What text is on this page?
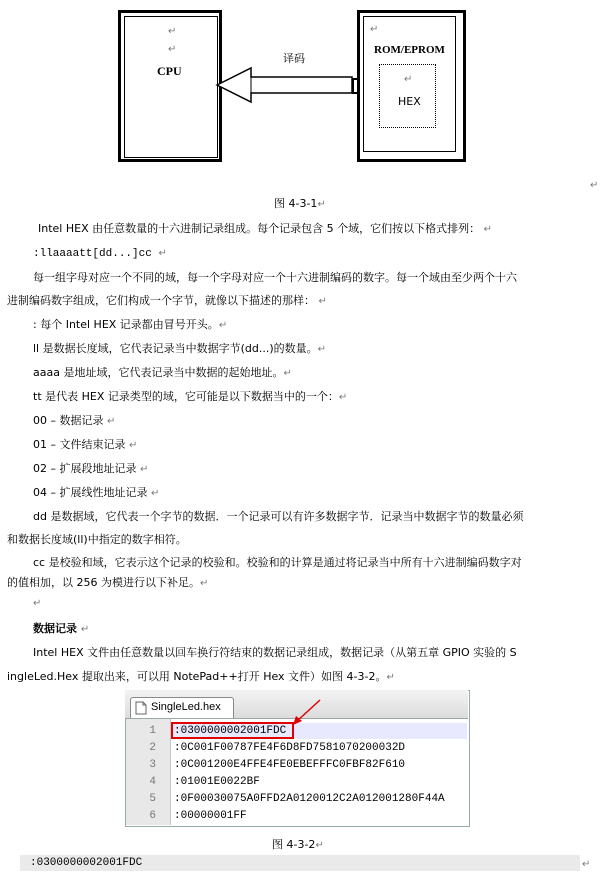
↵
↵
CPU
译码
↵
ROM/EPROM
↵
HEX
图 4-3-1↵
↵
Intel HEX 由任意数量的十六进制记录组成。每个记录包含 5 个域，它们按以下格式排列： ↵
:llaaaatt[dd...]cc ↵
每一组字母对应一个不同的域，每一个字母对应一个十六进制编码的数字。每一个域由至少两个十六
进制编码数字组成，它们构成一个字节，就像以下描述的那样： ↵
: 每个 Intel HEX 记录都由冒号开头。↵
ll 是数据长度域，它代表记录当中数据字节(dd...)的数量。↵
aaaa 是地址域，它代表记录当中数据的起始地址。↵
tt 是代表 HEX 记录类型的域，它可能是以下数据当中的一个：↵
00 – 数据记录 ↵
01 – 文件结束记录 ↵
02 – 扩展段地址记录 ↵
04 – 扩展线性地址记录 ↵
dd 是数据域，它代表一个字节的数据．一个记录可以有许多数据字节．记录当中数据字节的数量必须
和数据长度域(ll)中指定的数字相符。
cc 是校验和域，它表示这个记录的校验和。校验和的计算是通过将记录当中所有十六进制编码数字对
的值相加，以 256 为模进行以下补足。↵
↵
数据记录 ↵
Intel HEX 文件由任意数量以回车换行符结束的数据记录组成，数据记录（从第五章 GPIO 实验的 S
ingleLed.Hex 提取出来，可以用 NotePad++打开 Hex 文件）如图 4-3-2。↵
SingleLed.hex
1
2
3
4
5
6
:0300000002001FDC
:0C001F00787FE4F6D8FD7581070200032D
:0C001200E4FFE4FE0EBEFFFC0FBF82F610
:01001E0022BF
:0F00030075A0FFD2A0120012C2A012001280F44A
:00000001FF
图 4-3-2↵
:0300000002001FDC	↵
